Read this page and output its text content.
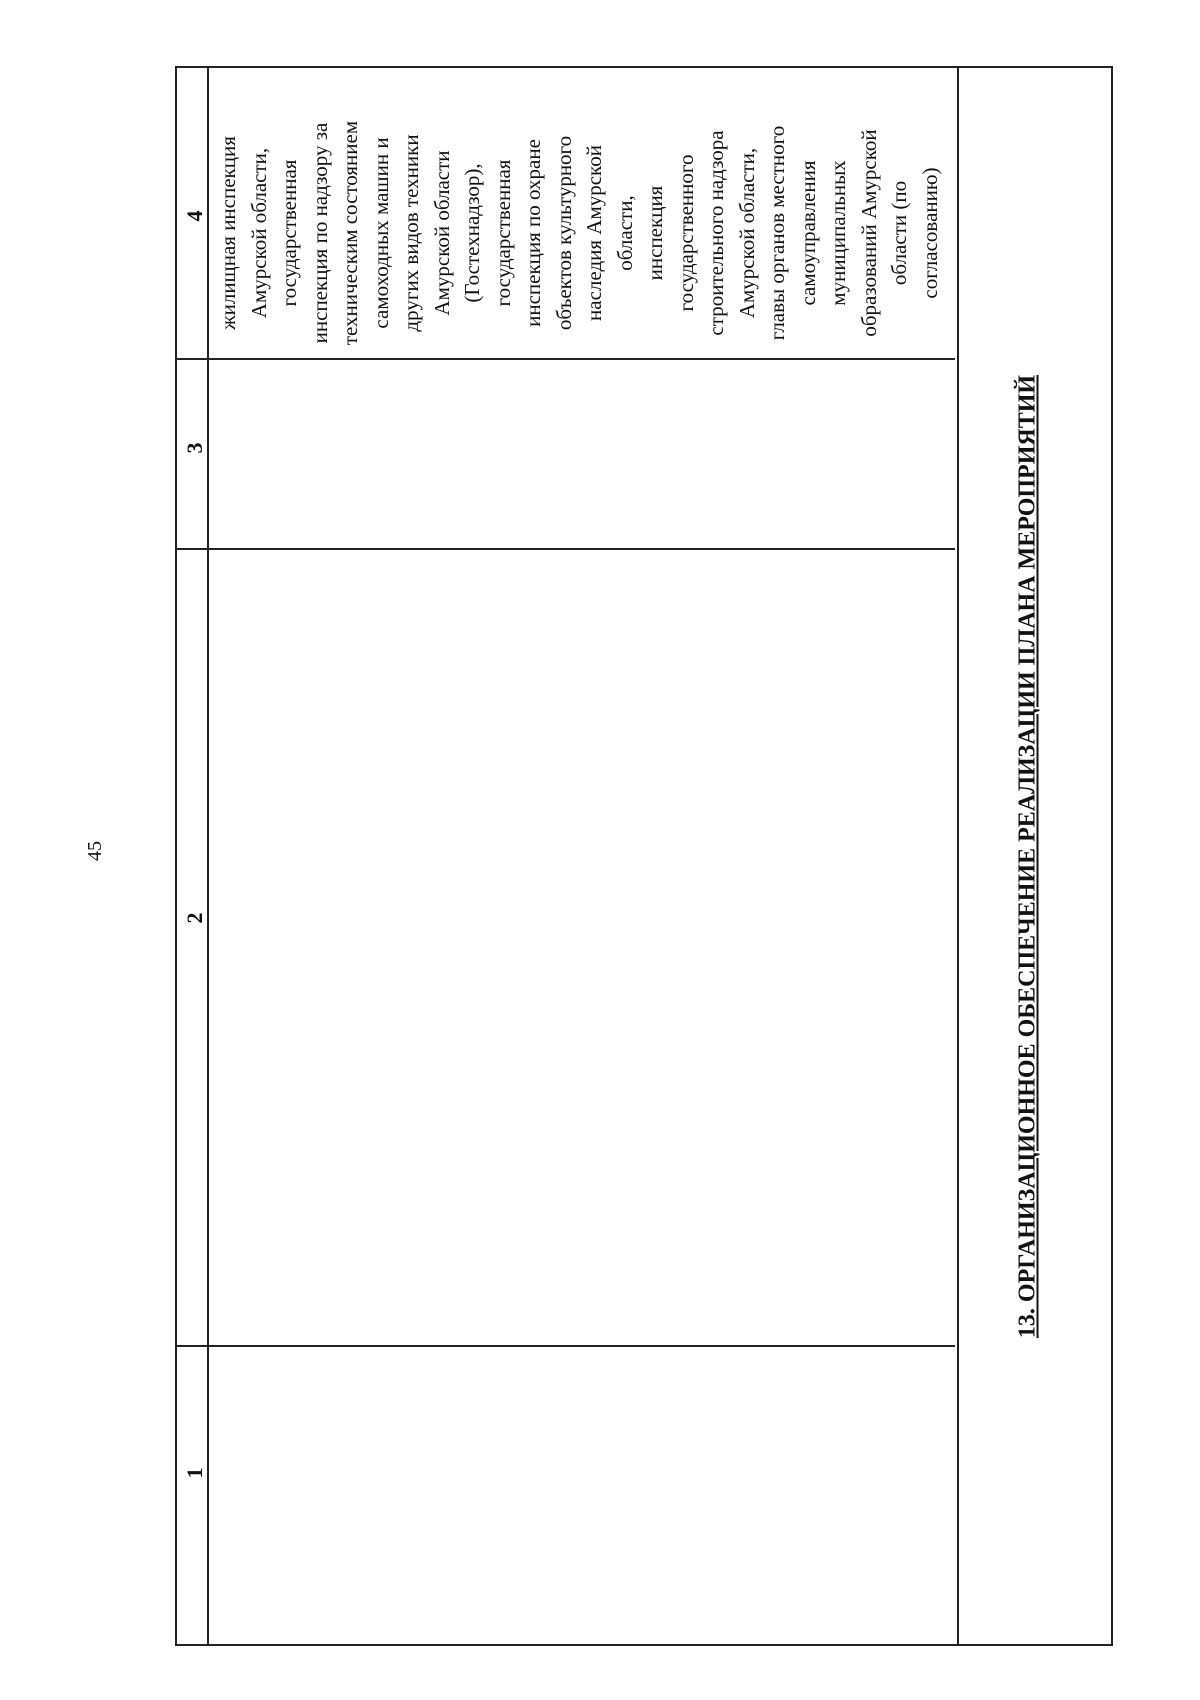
45
1
2
3
4 жилищная инспекция Амурской области, государственная инспекция по надзору за техническим состоянием самоходных машин и других видов техники Амурской области (Гостехнадзор), государственная инспекция по охране объектов культурного наследия Амурской области, инспекция государственного строительного надзора Амурской области, главы органов местного самоуправления муниципальных образований Амурской области (по согласованию)
13. ОРГАНИЗАЦИОННОЕ ОБЕСПЕЧЕНИЕ РЕАЛИЗАЦИИ ПЛАНА МЕРОПРИЯТИЙ
